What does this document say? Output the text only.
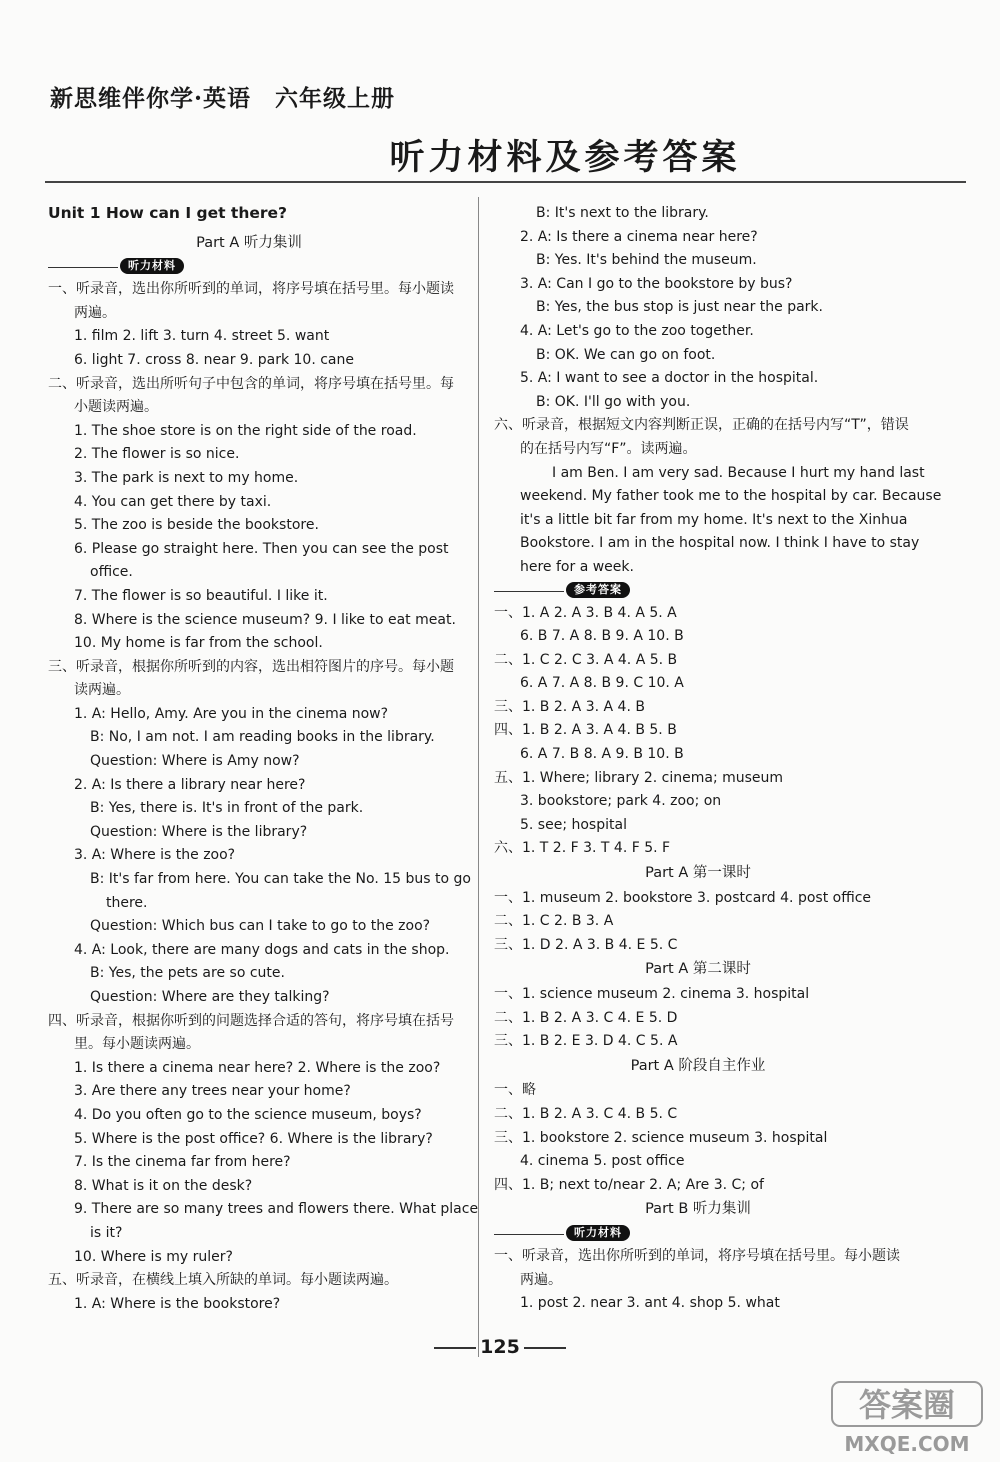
新思维伴你学·英语 六年级上册
听力材料及参考答案
Unit 1 How can I get there?
Part A 听力集训
听力材料
一、听录音，选出你所听到的单词，将序号填在括号里。每小题读
两遍。
1. film 2. lift 3. turn 4. street 5. want
6. light 7. cross 8. near 9. park 10. cane
二、听录音，选出所听句子中包含的单词，将序号填在括号里。每
小题读两遍。
1. The shoe store is on the right side of the road.
2. The flower is so nice.
3. The park is next to my home.
4. You can get there by taxi.
5. The zoo is beside the bookstore.
6. Please go straight here. Then you can see the post
office.
7. The flower is so beautiful. I like it.
8. Where is the science museum? 9. I like to eat meat.
10. My home is far from the school.
三、听录音，根据你所听到的内容，选出相符图片的序号。每小题
读两遍。
1. A: Hello, Amy. Are you in the cinema now?
B: No, I am not. I am reading books in the library.
Question: Where is Amy now?
2. A: Is there a library near here?
B: Yes, there is. It's in front of the park.
Question: Where is the library?
3. A: Where is the zoo?
B: It's far from here. You can take the No. 15 bus to go
there.
Question: Which bus can I take to go to the zoo?
4. A: Look, there are many dogs and cats in the shop.
B: Yes, the pets are so cute.
Question: Where are they talking?
四、听录音，根据你听到的问题选择合适的答句，将序号填在括号
里。每小题读两遍。
1. Is there a cinema near here? 2. Where is the zoo?
3. Are there any trees near your home?
4. Do you often go to the science museum, boys?
5. Where is the post office? 6. Where is the library?
7. Is the cinema far from here?
8. What is it on the desk?
9. There are so many trees and flowers there. What place
is it?
10. Where is my ruler?
五、听录音，在横线上填入所缺的单词。每小题读两遍。
1. A: Where is the bookstore?
B: It's next to the library.
2. A: Is there a cinema near here?
B: Yes. It's behind the museum.
3. A: Can I go to the bookstore by bus?
B: Yes, the bus stop is just near the park.
4. A: Let's go to the zoo together.
B: OK. We can go on foot.
5. A: I want to see a doctor in the hospital.
B: OK. I'll go with you.
六、听录音，根据短文内容判断正误，正确的在括号内写“T”，错误
的在括号内写“F”。读两遍。
I am Ben. I am very sad. Because I hurt my hand last
weekend. My father took me to the hospital by car. Because
it's a little bit far from my home. It's next to the Xinhua
Bookstore. I am in the hospital now. I think I have to stay
here for a week.
参考答案
一、1. A 2. A 3. B 4. A 5. A
6. B 7. A 8. B 9. A 10. B
二、1. C 2. C 3. A 4. A 5. B
6. A 7. A 8. B 9. C 10. A
三、1. B 2. A 3. A 4. B
四、1. B 2. A 3. A 4. B 5. B
6. A 7. B 8. A 9. B 10. B
五、1. Where; library 2. cinema; museum
3. bookstore; park 4. zoo; on
5. see; hospital
六、1. T 2. F 3. T 4. F 5. F
Part A 第一课时
一、1. museum 2. bookstore 3. postcard 4. post office
二、1. C 2. B 3. A
三、1. D 2. A 3. B 4. E 5. C
Part A 第二课时
一、1. science museum 2. cinema 3. hospital
二、1. B 2. A 3. C 4. E 5. D
三、1. B 2. E 3. D 4. C 5. A
Part A 阶段自主作业
一、略
二、1. B 2. A 3. C 4. B 5. C
三、1. bookstore 2. science museum 3. hospital
4. cinema 5. post office
四、1. B; next to/near 2. A; Are 3. C; of
Part B 听力集训
听力材料
一、听录音，选出你所听到的单词，将序号填在括号里。每小题读
两遍。
1. post 2. near 3. ant 4. shop 5. what
125
答案圈
MXQE.COM
